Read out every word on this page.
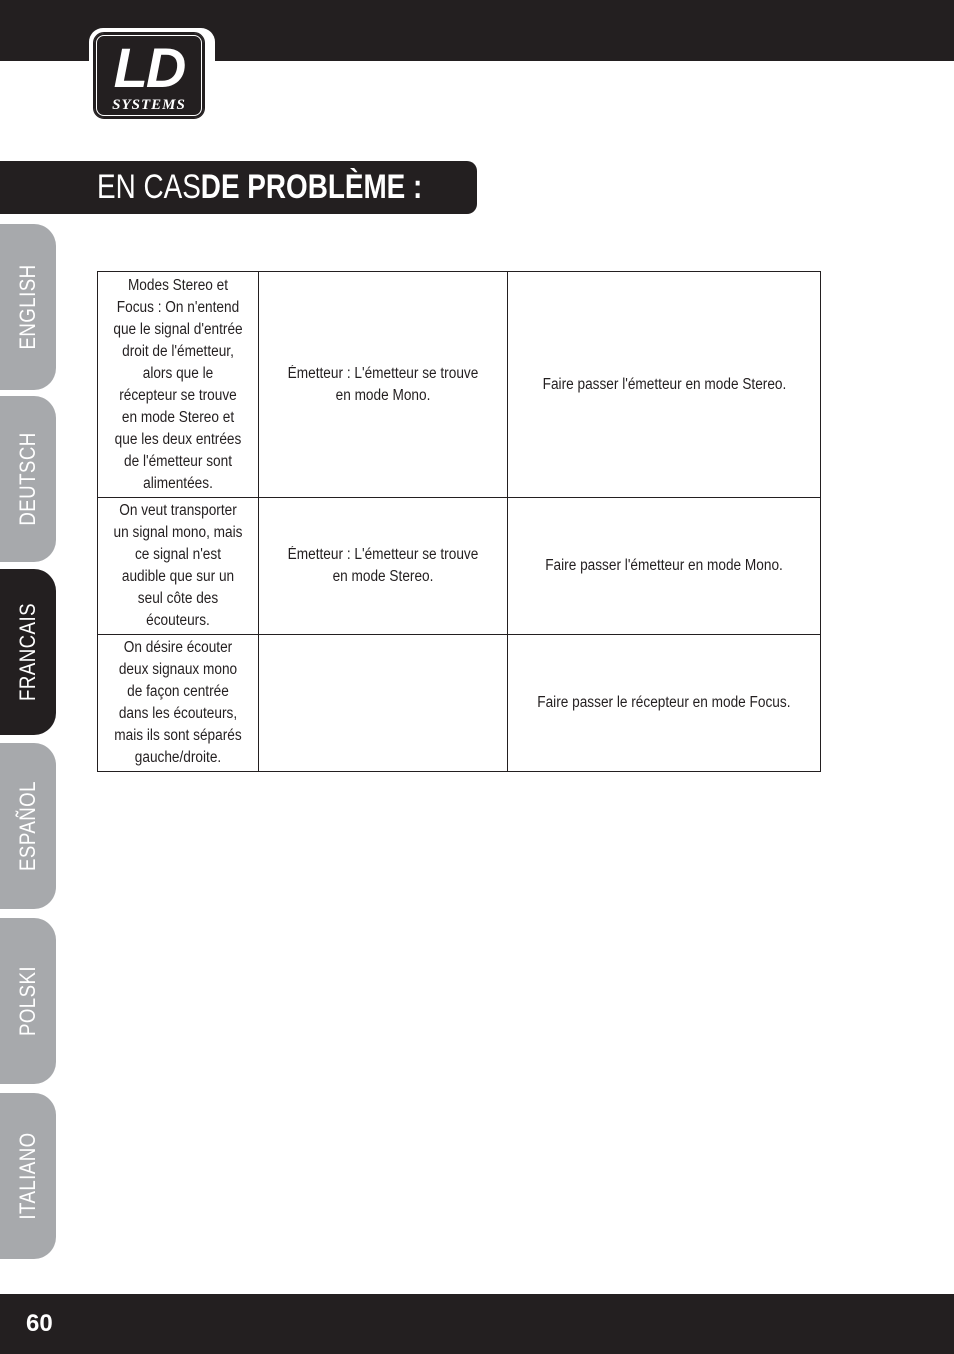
LD
SYSTEMS
EN CASDE PROBLÈME :
ENGLISH
DEUTSCH
FRANCAIS
ESPAÑOL
POLSKI
ITALIANO
Modes Stereo et Focus : On n'entend que le signal d'entrée droit de l'émetteur, alors que le récepteur se trouve en mode Stereo et que les deux entrées de l'émetteur sont alimentées.	Émetteur : L'émetteur se trouve en mode Mono.	Faire passer l'émetteur en mode Stereo.
On veut transporter un signal mono, mais ce signal n'est audible que sur un seul côte des écouteurs.	Émetteur : L'émetteur se trouve en mode Stereo.	Faire passer l'émetteur en mode Mono.
On désire écouter deux signaux mono de façon centrée dans les écouteurs, mais ils sont séparés gauche/droite.		Faire passer le récepteur en mode Focus.
60
